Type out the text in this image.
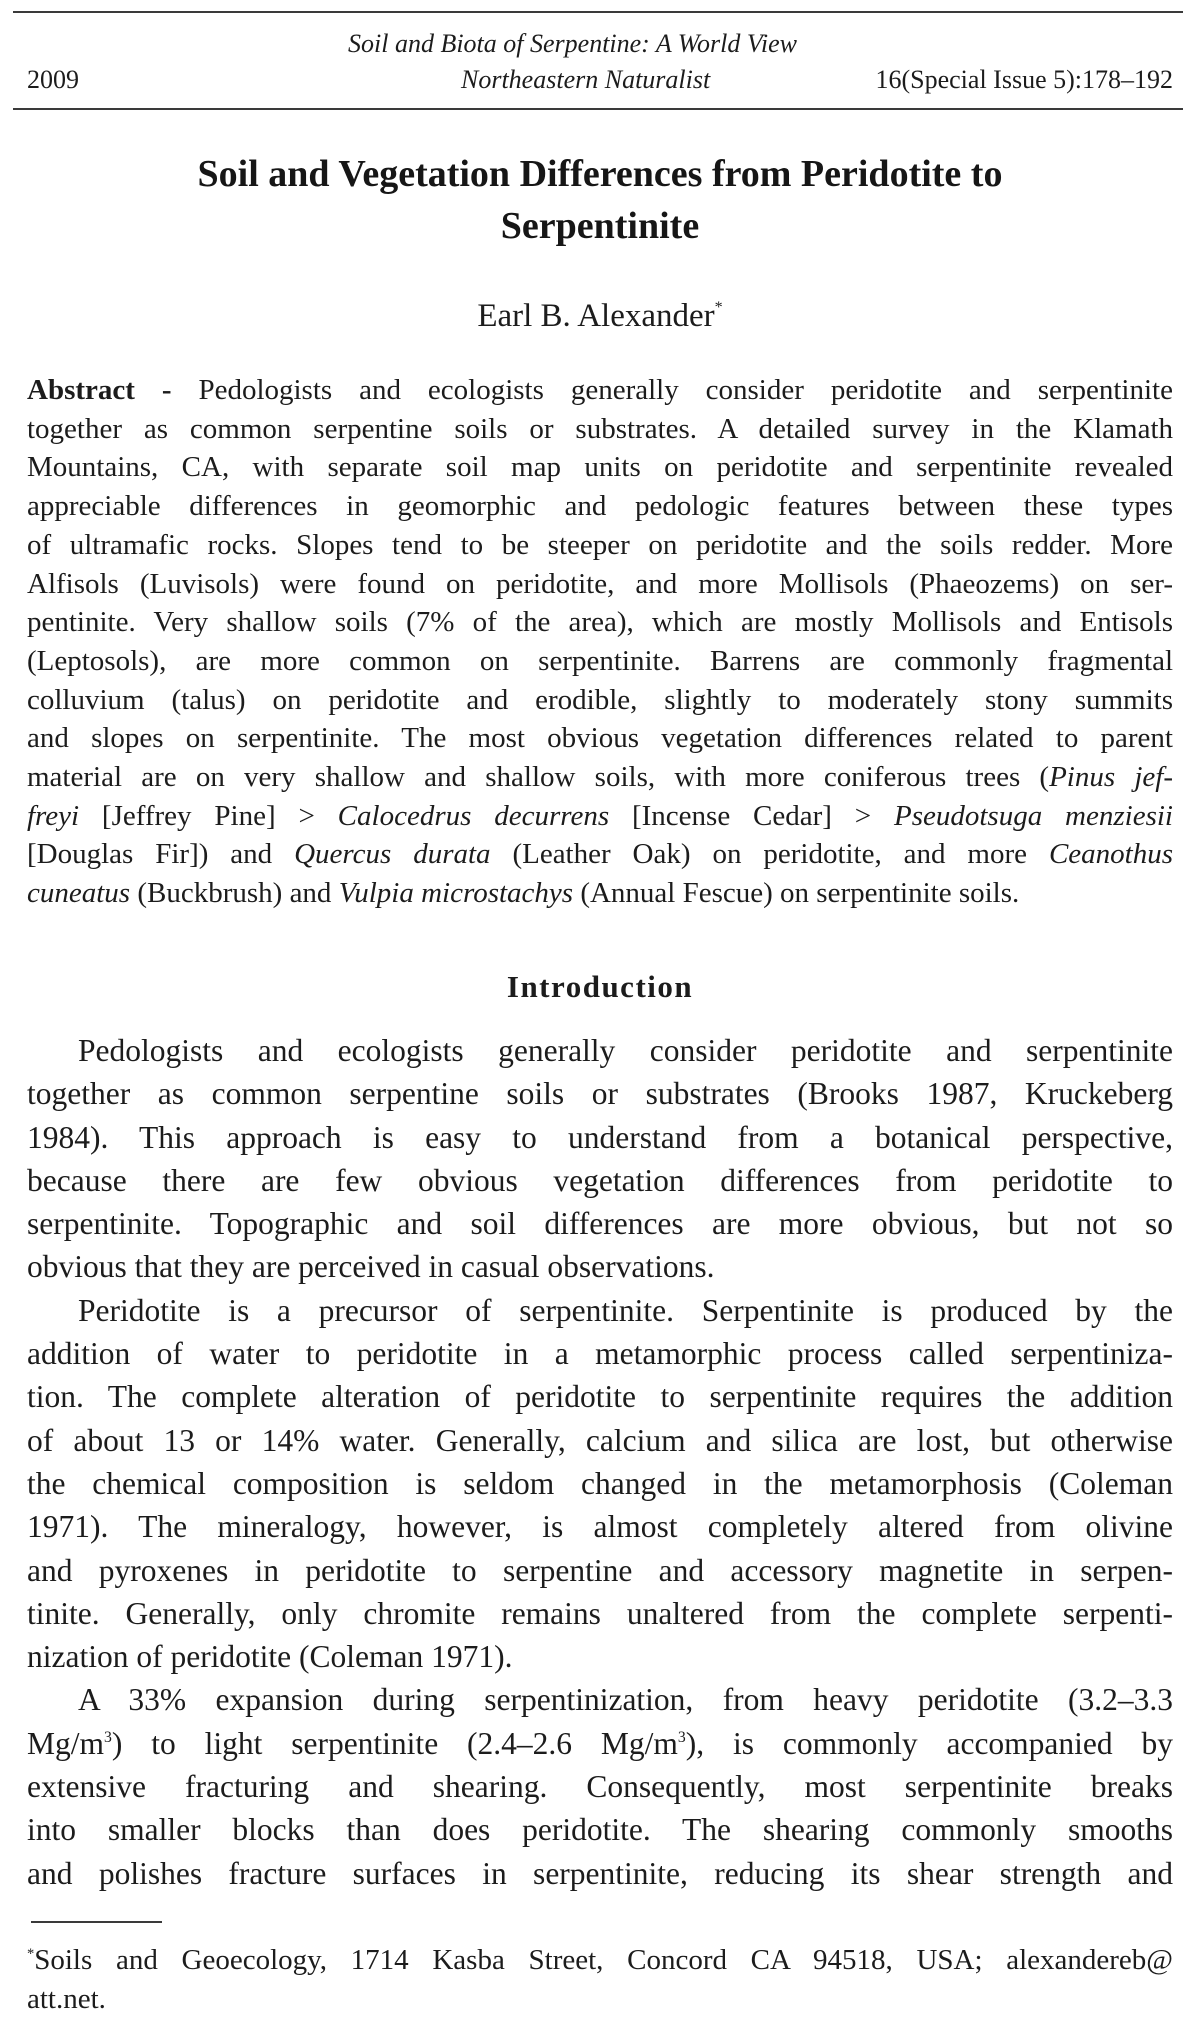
Soil and Biota of Serpentine: A World View
2009	Northeastern Naturalist	16(Special Issue 5):178–192
Soil and Vegetation Differences from Peridotite to
Serpentinite
Earl B. Alexander*
Abstract - Pedologists and ecologists generally consider peridotite and serpentinite
together as common serpentine soils or substrates. A detailed survey in the Klamath
Mountains, CA, with separate soil map units on peridotite and serpentinite revealed
appreciable differences in geomorphic and pedologic features between these types
of ultramafic rocks. Slopes tend to be steeper on peridotite and the soils redder. More
Alfisols (Luvisols) were found on peridotite, and more Mollisols (Phaeozems) on ser-
pentinite. Very shallow soils (7% of the area), which are mostly Mollisols and Entisols
(Leptosols), are more common on serpentinite. Barrens are commonly fragmental
colluvium (talus) on peridotite and erodible, slightly to moderately stony summits
and slopes on serpentinite. The most obvious vegetation differences related to parent
material are on very shallow and shallow soils, with more coniferous trees (Pinus jef-
freyi [Jeffrey Pine] > Calocedrus decurrens [Incense Cedar] > Pseudotsuga menziesii
[Douglas Fir]) and Quercus durata (Leather Oak) on peridotite, and more Ceanothus
cuneatus (Buckbrush) and Vulpia microstachys (Annual Fescue) on serpentinite soils.
Introduction
Pedologists and ecologists generally consider peridotite and serpentinite
together as common serpentine soils or substrates (Brooks 1987, Kruckeberg
1984). This approach is easy to understand from a botanical perspective,
because there are few obvious vegetation differences from peridotite to
serpentinite. Topographic and soil differences are more obvious, but not so
obvious that they are perceived in casual observations.
Peridotite is a precursor of serpentinite. Serpentinite is produced by the
addition of water to peridotite in a metamorphic process called serpentiniza-
tion. The complete alteration of peridotite to serpentinite requires the addition
of about 13 or 14% water. Generally, calcium and silica are lost, but otherwise
the chemical composition is seldom changed in the metamorphosis (Coleman
1971). The mineralogy, however, is almost completely altered from olivine
and pyroxenes in peridotite to serpentine and accessory magnetite in serpen-
tinite. Generally, only chromite remains unaltered from the complete serpenti-
nization of peridotite (Coleman 1971).
A 33% expansion during serpentinization, from heavy peridotite (3.2–3.3
$Mg/m^3$) to light serpentinite (2.4–2.6 $Mg/m^3$), is commonly accompanied by
extensive fracturing and shearing. Consequently, most serpentinite breaks
into smaller blocks than does peridotite. The shearing commonly smooths
and polishes fracture surfaces in serpentinite, reducing its shear strength and
*Soils and Geoecology, 1714 Kasba Street, Concord CA 94518, USA; alexandereb@
att.net.
